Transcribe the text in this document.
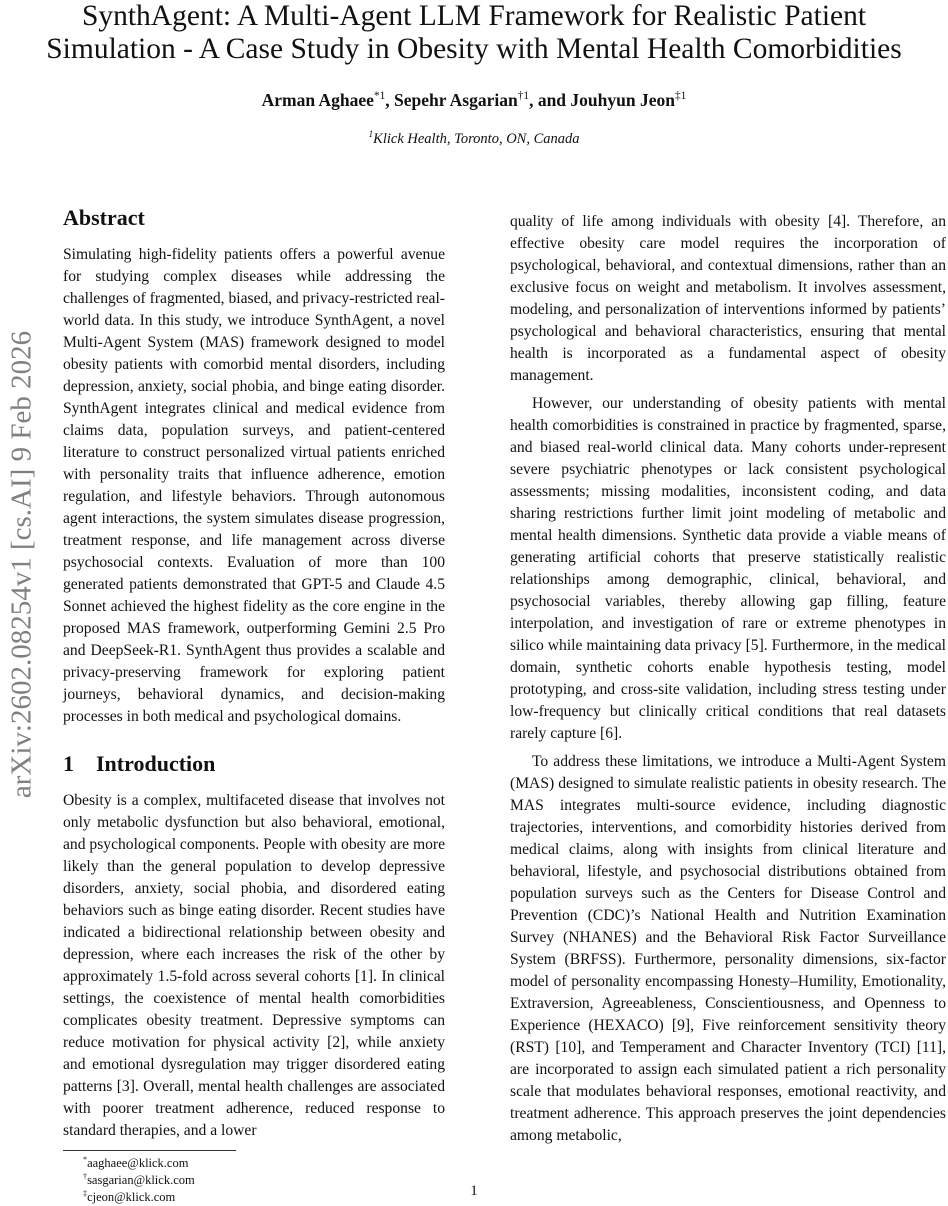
SynthAgent: A Multi-Agent LLM Framework for Realistic Patient
Simulation - A Case Study in Obesity with Mental Health Comorbidities
Arman Aghaee$^{*1}$, Sepehr Asgarian$^{\dagger 1}$, and Jouhyun Jeon$^{\ddagger 1}$
$^1$Klick Health, Toronto, ON, Canada
arXiv:2602.08254v1 [cs.AI] 9 Feb 2026
Abstract

Simulating high-fidelity patients offers a powerful avenue for studying complex diseases while addressing the challenges of fragmented, biased, and privacy-restricted real-world data. In this study, we introduce SynthAgent, a novel Multi-Agent System (MAS) framework designed to model obesity patients with comorbid mental disorders, including depression, anxiety, social phobia, and binge eating disorder. SynthAgent integrates clinical and medical evidence from claims data, population surveys, and patient-centered literature to construct personalized virtual patients enriched with personality traits that influence adherence, emotion regulation, and lifestyle behaviors. Through autonomous agent interactions, the system simulates disease progression, treatment response, and life management across diverse psychosocial contexts. Evaluation of more than 100 generated patients demonstrated that GPT-5 and Claude 4.5 Sonnet achieved the highest fidelity as the core engine in the proposed MAS framework, outperforming Gemini 2.5 Pro and DeepSeek-R1. SynthAgent thus provides a scalable and privacy-preserving framework for exploring patient journeys, behavioral dynamics, and decision-making processes in both medical and psychological domains.

1 Introduction

Obesity is a complex, multifaceted disease that involves not only metabolic dysfunction but also behavioral, emotional, and psychological components. People with obesity are more likely than the general population to develop depressive disorders, anxiety, social phobia, and disordered eating behaviors such as binge eating disorder. Recent studies have indicated a bidirectional relationship between obesity and depression, where each increases the risk of the other by approximately 1.5-fold across several cohorts [1]. In clinical settings, the coexistence of mental health comorbidities complicates obesity treatment. Depressive symptoms can reduce motivation for physical activity [2], while anxiety and emotional dysregulation may trigger disordered eating patterns [3]. Overall, mental health challenges are associated with poorer treatment adherence, reduced response to standard therapies, and a lower

*aaghaee@klick.com
†sasgarian@klick.com
‡cjeon@klick.com

quality of life among individuals with obesity [4]. Therefore, an effective obesity care model requires the incorporation of psychological, behavioral, and contextual dimensions, rather than an exclusive focus on weight and metabolism. It involves assessment, modeling, and personalization of interventions informed by patients’ psychological and behavioral characteristics, ensuring that mental health is incorporated as a fundamental aspect of obesity management.

However, our understanding of obesity patients with mental health comorbidities is constrained in practice by fragmented, sparse, and biased real-world clinical data. Many cohorts under-represent severe psychiatric phenotypes or lack consistent psychological assessments; missing modalities, inconsistent coding, and data sharing restrictions further limit joint modeling of metabolic and mental health dimensions. Synthetic data provide a viable means of generating artificial cohorts that preserve statistically realistic relationships among demographic, clinical, behavioral, and psychosocial variables, thereby allowing gap filling, feature interpolation, and investigation of rare or extreme phenotypes in silico while maintaining data privacy [5]. Furthermore, in the medical domain, synthetic cohorts enable hypothesis testing, model prototyping, and cross-site validation, including stress testing under low-frequency but clinically critical conditions that real datasets rarely capture [6].

To address these limitations, we introduce a Multi-Agent System (MAS) designed to simulate realistic patients in obesity research. The MAS integrates multi-source evidence, including diagnostic trajectories, interventions, and comorbidity histories derived from medical claims, along with insights from clinical literature and behavioral, lifestyle, and psychosocial distributions obtained from population surveys such as the Centers for Disease Control and Prevention (CDC)’s National Health and Nutrition Examination Survey (NHANES) and the Behavioral Risk Factor Surveillance System (BRFSS). Furthermore, personality dimensions, six-factor model of personality encompassing Honesty–Humility, Emotionality, Extraversion, Agreeableness, Conscientiousness, and Openness to Experience (HEXACO) [9], Five reinforcement sensitivity theory (RST) [10], and Temperament and Character Inventory (TCI) [11], are incorporated to assign each simulated patient a rich personality scale that modulates behavioral responses, emotional reactivity, and treatment adherence. This approach preserves the joint dependencies among metabolic,

1
